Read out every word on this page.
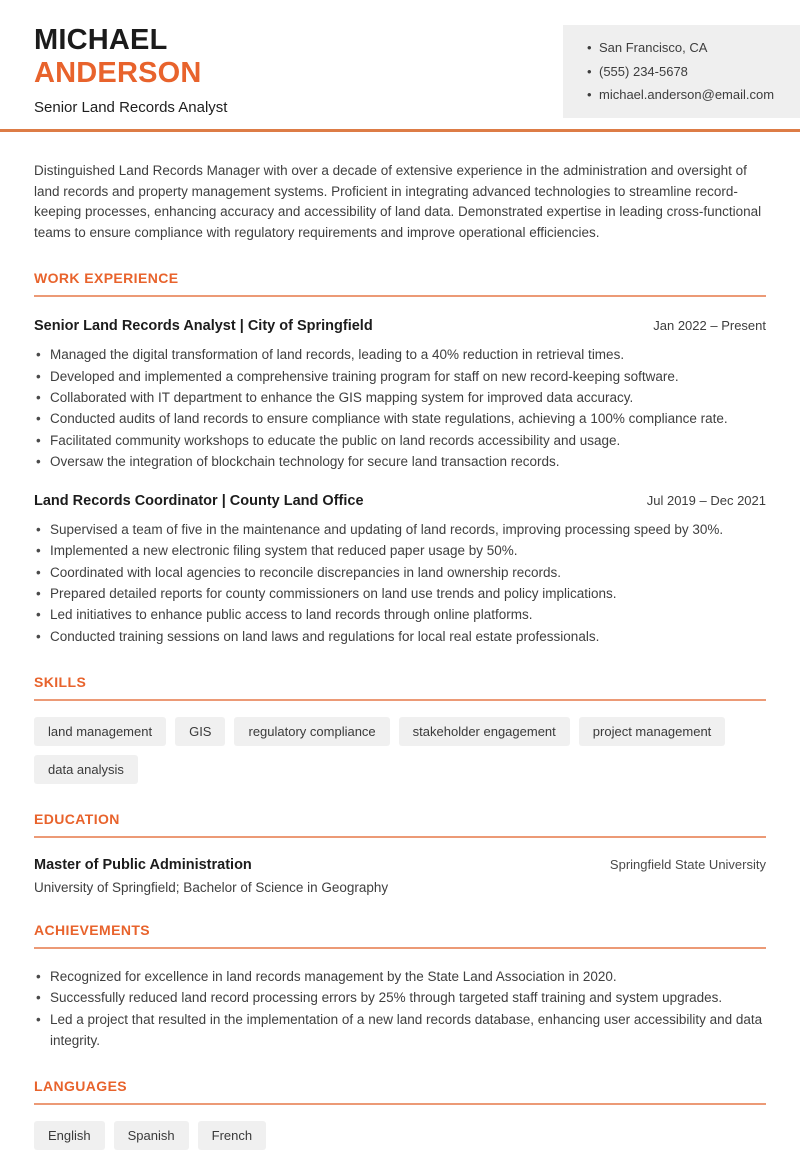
MICHAEL
ANDERSON
Senior Land Records Analyst
• San Francisco, CA
• (555) 234-5678
• michael.anderson@email.com

Distinguished Land Records Manager with over a decade of extensive experience in the administration and oversight of land records and property management systems. Proficient in integrating advanced technologies to streamline record-keeping processes, enhancing accuracy and accessibility of land data. Demonstrated expertise in leading cross-functional teams to ensure compliance with regulatory requirements and improve operational efficiencies.

WORK EXPERIENCE
Senior Land Records Analyst | City of Springfield	Jan 2022 – Present
• Managed the digital transformation of land records, leading to a 40% reduction in retrieval times.
• Developed and implemented a comprehensive training program for staff on new record-keeping software.
• Collaborated with IT department to enhance the GIS mapping system for improved data accuracy.
• Conducted audits of land records to ensure compliance with state regulations, achieving a 100% compliance rate.
• Facilitated community workshops to educate the public on land records accessibility and usage.
• Oversaw the integration of blockchain technology for secure land transaction records.
Land Records Coordinator | County Land Office	Jul 2019 – Dec 2021
• Supervised a team of five in the maintenance and updating of land records, improving processing speed by 30%.
• Implemented a new electronic filing system that reduced paper usage by 50%.
• Coordinated with local agencies to reconcile discrepancies in land ownership records.
• Prepared detailed reports for county commissioners on land use trends and policy implications.
• Led initiatives to enhance public access to land records through online platforms.
• Conducted training sessions on land laws and regulations for local real estate professionals.
SKILLS
land management	GIS	regulatory compliance	stakeholder engagement	project management
data analysis
EDUCATION
Master of Public Administration	Springfield State University
University of Springfield; Bachelor of Science in Geography
ACHIEVEMENTS
• Recognized for excellence in land records management by the State Land Association in 2020.
• Successfully reduced land record processing errors by 25% through targeted staff training and system upgrades.
• Led a project that resulted in the implementation of a new land records database, enhancing user accessibility and data integrity.
LANGUAGES
English	Spanish	French
